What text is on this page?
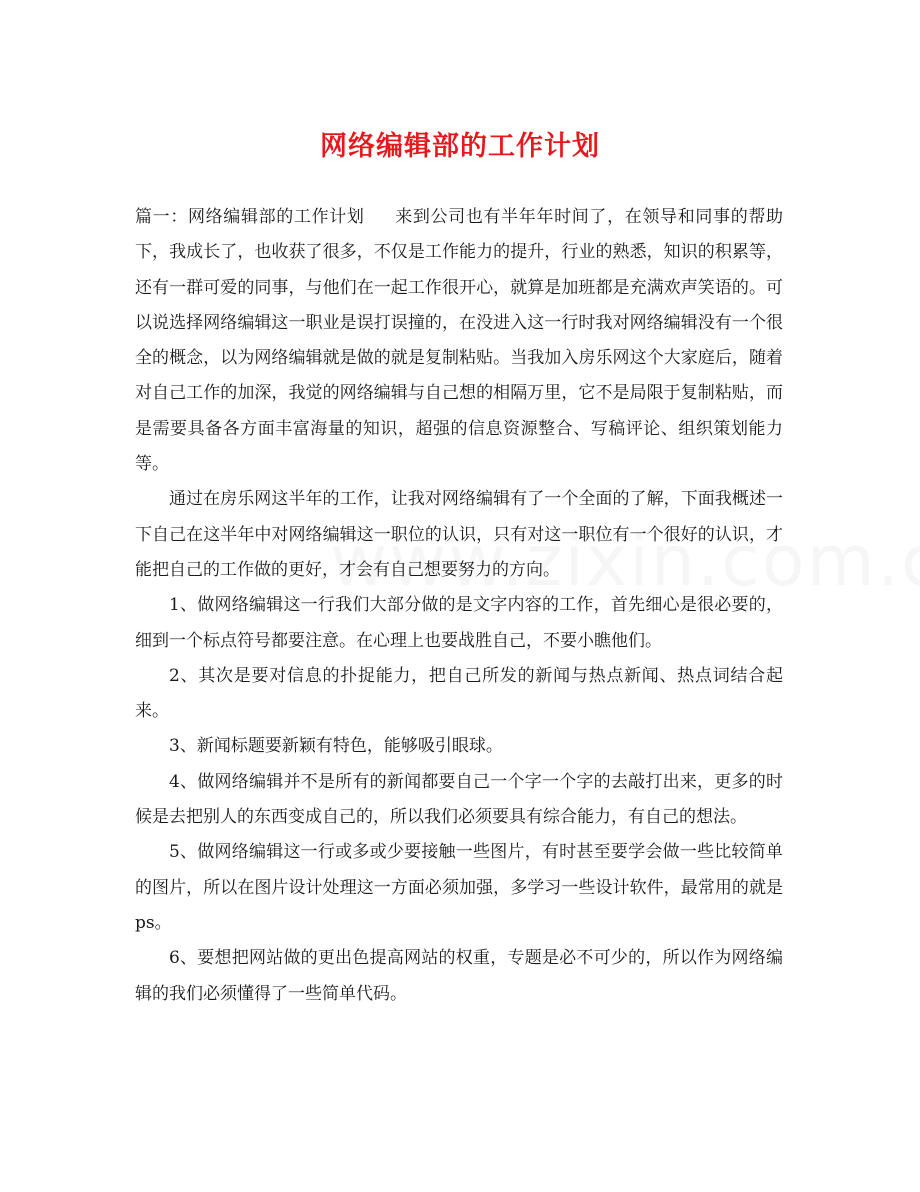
网络编辑部的工作计划

篇一：网络编辑部的工作计划 来到公司也有半年年时间了，在领导和同事的帮助下，我成长了，也收获了很多，不仅是工作能力的提升，行业的熟悉，知识的积累等，还有一群可爱的同事，与他们在一起工作很开心，就算是加班都是充满欢声笑语的。可以说选择网络编辑这一职业是误打误撞的，在没进入这一行时我对网络编辑没有一个很全的概念，以为网络编辑就是做的就是复制粘贴。当我加入房乐网这个大家庭后，随着对自己工作的加深，我觉的网络编辑与自己想的相隔万里，它不是局限于复制粘贴，而是需要具备各方面丰富海量的知识，超强的信息资源整合、写稿评论、组织策划能力等。

通过在房乐网这半年的工作，让我对网络编辑有了一个全面的了解，下面我概述一下自己在这半年中对网络编辑这一职位的认识，只有对这一职位有一个很好的认识，才能把自己的工作做的更好，才会有自己想要努力的方向。

1、做网络编辑这一行我们大部分做的是文字内容的工作，首先细心是很必要的，细到一个标点符号都要注意。在心理上也要战胜自己，不要小瞧他们。

2、其次是要对信息的扑捉能力，把自己所发的新闻与热点新闻、热点词结合起来。

3、新闻标题要新颖有特色，能够吸引眼球。

4、做网络编辑并不是所有的新闻都要自己一个字一个字的去敲打出来，更多的时候是去把别人的东西变成自己的，所以我们必须要具有综合能力，有自己的想法。

5、做网络编辑这一行或多或少要接触一些图片，有时甚至要学会做一些比较简单的图片，所以在图片设计处理这一方面必须加强，多学习一些设计软件，最常用的就是ps。

6、要想把网站做的更出色提高网站的权重，专题是必不可少的，所以作为网络编辑的我们必须懂得了一些简单代码。
